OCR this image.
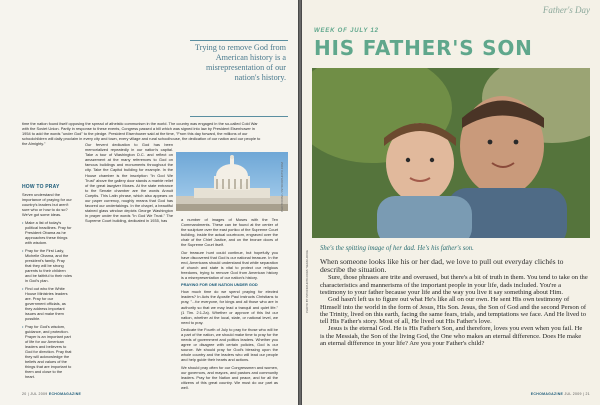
Trying to remove God from American history is a misrepresentation of our nation's history.
time the nation found itself opposing the spread of atheistic communism in the world. The country was engaged in the so-called Cold War with the Soviet Union. Partly in response to these events, Congress passed a bill which was signed into law by President Eisenhower in 1954 to add the words "under God" to the pledge. President Eisenhower said at the time, "From this day forward, the millions of our schoolchildren will daily proclaim in every city and town, every village and rural schoolhouse, the dedication of our nation and our people to the Almighty."
HOW TO PRAY

Seven understand the importance of praying for our country's leaders but aren't sure who or how to do so? We've got some ideas.

• Make a list of today's political headlines. Pray for President Obama as he approaches these things with wisdom.
• Pray for the First Lady, Michelle Obama, and the president's family. Pray that they will be strong parents to their children and be faithful to their roles in God's plan.
• Find out who the White House Ministries leaders are. Pray for our government officials, as they address important issues and make them possible.
• Pray for God's wisdom, guidance, and protection. Prayer is an important part of life for our American leaders and believers to God for direction. Pray that they will acknowledge the beliefs and values of the things that are important to them and close to the heart.
Our fervent dedication to God has been memorialized repeatedly in our nation's capital. Take a tour of Washington D.C. and reflect on amazement at the many references to God on famous buildings and monuments throughout the city. Take the Capitol building for example. In the House chamber is the inscription "In God We Trust" above the gallery door stands a marble relief of the great lawgiver Moses. At the state entrance to the Senate chamber are the words Annuit Coeptis. This Latin phrase, which also appears on our paper currency, roughly means that God has favored our undertakings. In the chapel, a beautiful stained glass window depicts George Washington in prayer under the words "In God We Trust." The Supreme Court building, dedicated in 1935, has
PHOTODISC / ISTOCKPHOTO.COM

a number of images of Moses with the Ten Commandments. These can be found at the center of the sculpture over the east portico of the Supreme Court building, inside the actual courtroom, engraved over the chair of the Chief Justice, and on the bronze doors of the Supreme Court itself.

Our treasure hunt could continue, but hopefully you have discovered that God is our national treasure. In the end, Americans should understand that while separation of church and state is vital to protect our religious freedoms, trying to remove God from American history is a misrepresentation of our nation's history.

PRAYING FOR ONE NATION UNDER GOD

How much time do we spend praying for elected leaders? In Acts the Apostle Paul instructs Christians to pray, "...for everyone, for kings and all those who are in authority so that we may lead a tranquil and quiet life." (1 Tim. 2:1-2a). Whether or approve of this list our nation, whether at the local, state, or national level, we need to pray.

Dedicate the Fourth of July to pray for those who will be a part of the nation, we should make time to pray for the needs of government and politics leaders. Whether you agree or disagree with certain policies, God is our source. We should pray for God's blessing upon the whole country and the leaders who will lead our people and help guide their hearts and actions.

We should pray often for our Congressmen and women, our governors, and mayors, and pastors and community leaders. Pray for the Nation and peace, and for all the citizens of this great country. We must do our part as well.

20 | JUL 2009 ECHOMAGAZINE
Father's Day
WEEK OF JULY 12
HIS FATHER'S SON
PHOTO BY ISTOCKPHOTO.COM / SEAN LOCKE
She's the spitting image of her dad. He's his father's son.

When someone looks like his or her dad, we love to pull out everyday clichés to describe the situation.

Sure, those phrases are trite and overused, but there's a bit of truth in them. You tend to take on the characteristics and mannerisms of the important people in your life, dads included. You're a testimony to your father because your life and the way you live it say something about Him.

God hasn't left us to figure out what He's like all on our own. He sent His own testimony of Himself into the world in the form of Jesus, His Son. Jesus, the Son of God and the second Person of the Trinity, lived on this earth, facing the same fears, trials, and temptations we face. And He lived to tell His Father's story. Most of all, He lived out His Father's love.

Jesus is the eternal God. He is His Father's Son, and therefore, loves you even when you fail. He is the Messiah, the Son of the living God, the One who makes an eternal difference. Does He make an eternal difference in your life? Are you your Father's child?

ECHOMAGAZINE JUL 2009 | 21
